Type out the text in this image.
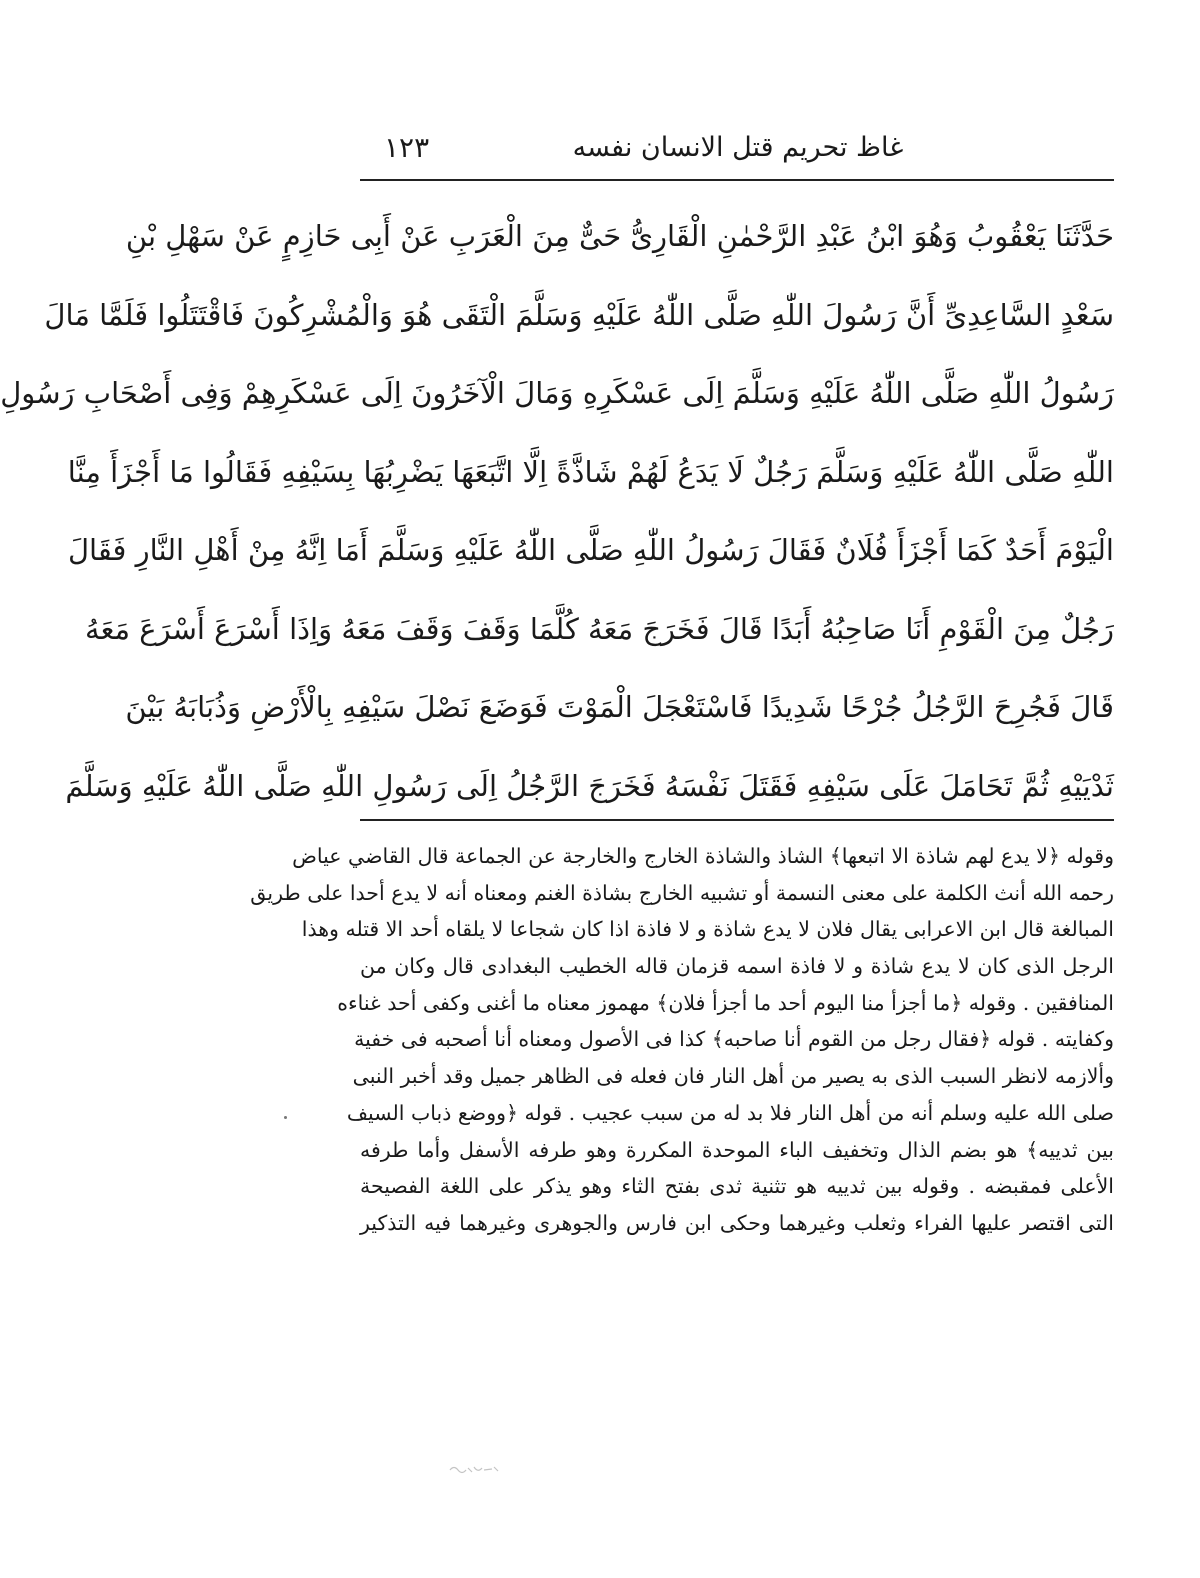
غاظ تحريم قتل الانسان نفسه
١٢٣
حَدَّثَنَا يَعْقُوبُ وَهُوَ ابْنُ عَبْدِ الرَّحْمٰنِ الْقَارِىُّ حَىٌّ مِنَ الْعَرَبِ عَنْ أَبِى حَازِمٍ عَنْ سَهْلِ بْنِ
سَعْدٍ السَّاعِدِىِّ أَنَّ رَسُولَ اللّٰهِ صَلَّى اللّٰهُ عَلَيْهِ وَسَلَّمَ الْتَقَى هُوَ وَالْمُشْرِكُونَ فَاقْتَتَلُوا فَلَمَّا مَالَ
رَسُولُ اللّٰهِ صَلَّى اللّٰهُ عَلَيْهِ وَسَلَّمَ اِلَى عَسْكَرِهِ وَمَالَ الْآخَرُونَ اِلَى عَسْكَرِهِمْ وَفِى أَصْحَابِ رَسُولِ
اللّٰهِ صَلَّى اللّٰهُ عَلَيْهِ وَسَلَّمَ رَجُلٌ لَا يَدَعُ لَهُمْ شَاذَّةً اِلَّا اتَّبَعَهَا يَضْرِبُهَا بِسَيْفِهِ فَقَالُوا مَا أَجْزَأَ مِنَّا
الْيَوْمَ أَحَدٌ كَمَا أَجْزَأَ فُلَانٌ فَقَالَ رَسُولُ اللّٰهِ صَلَّى اللّٰهُ عَلَيْهِ وَسَلَّمَ أَمَا اِنَّهُ مِنْ أَهْلِ النَّارِ فَقَالَ
رَجُلٌ مِنَ الْقَوْمِ أَنَا صَاحِبُهُ أَبَدًا قَالَ فَخَرَجَ مَعَهُ كُلَّمَا وَقَفَ وَقَفَ مَعَهُ وَاِذَا أَسْرَعَ أَسْرَعَ مَعَهُ
قَالَ فَجُرِحَ الرَّجُلُ جُرْحًا شَدِيدًا فَاسْتَعْجَلَ الْمَوْتَ فَوَضَعَ نَصْلَ سَيْفِهِ بِالْأَرْضِ وَذُبَابَهُ بَيْنَ
ثَدْيَيْهِ ثُمَّ تَحَامَلَ عَلَى سَيْفِهِ فَقَتَلَ نَفْسَهُ فَخَرَجَ الرَّجُلُ اِلَى رَسُولِ اللّٰهِ صَلَّى اللّٰهُ عَلَيْهِ وَسَلَّمَ
وقوله ﴿لا يدع لهم شاذة الا اتبعها﴾ الشاذ والشاذة الخارج والخارجة عن الجماعة قال القاضي عياض
رحمه الله أنث الكلمة على معنى النسمة أو تشبيه الخارج بشاذة الغنم ومعناه أنه لا يدع أحدا على طريق
المبالغة قال ابن الاعرابى يقال فلان لا يدع شاذة و لا فاذة اذا كان شجاعا لا يلقاه أحد الا قتله وهذا
الرجل الذى كان لا يدع شاذة و لا فاذة اسمه قزمان قاله الخطيب البغدادى قال وكان من
المنافقين . وقوله ﴿ما أجزأ منا اليوم أحد ما أجزأ فلان﴾ مهموز معناه ما أغنى وكفى أحد غناءه
وكفايته . قوله ﴿فقال رجل من القوم أنا صاحبه﴾ كذا فى الأصول ومعناه أنا أصحبه فى خفية
وألازمه لانظر السبب الذى به يصير من أهل النار فان فعله فى الظاهر جميل وقد أخبر النبى
صلى الله عليه وسلم أنه من أهل النار فلا بد له من سبب عجيب . قوله ﴿ووضع ذباب السيف
بين ثدييه﴾ هو بضم الذال وتخفيف الباء الموحدة المكررة وهو طرفه الأسفل وأما طرفه
الأعلى فمقبضه . وقوله بين ثدييه هو تثنية ثدى بفتح الثاء وهو يذكر على اللغة الفصيحة
التى اقتصر عليها الفراء وثعلب وغيرهما وحكى ابن فارس والجوهرى وغيرهما فيه التذكير
